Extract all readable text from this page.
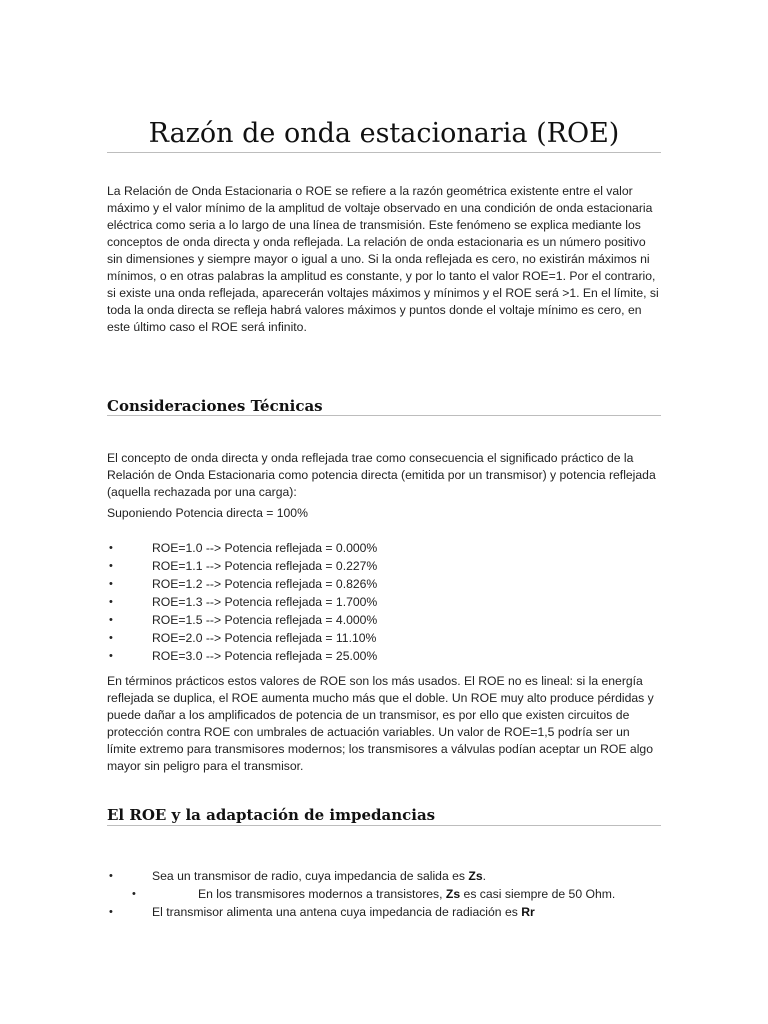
Razón de onda estacionaria (ROE)

La Relación de Onda Estacionaria o ROE se refiere a la razón geométrica existente entre el valor máximo y el valor mínimo de la amplitud de voltaje observado en una condición de onda estacionaria eléctrica como seria a lo largo de una línea de transmisión. Este fenómeno se explica mediante los conceptos de onda directa y onda reflejada. La relación de onda estacionaria es un número positivo sin dimensiones y siempre mayor o igual a uno. Si la onda reflejada es cero, no existirán máximos ni mínimos, o en otras palabras la amplitud es constante, y por lo tanto el valor ROE=1. Por el contrario, si existe una onda reflejada, aparecerán voltajes máximos y mínimos y el ROE será >1. En el límite, si toda la onda directa se refleja habrá valores máximos y puntos donde el voltaje mínimo es cero, en este último caso el ROE será infinito.

Consideraciones Técnicas

El concepto de onda directa y onda reflejada trae como consecuencia el significado práctico de la Relación de Onda Estacionaria como potencia directa (emitida por un transmisor) y potencia reflejada (aquella rechazada por una carga):

Suponiendo Potencia directa = 100%

•	ROE=1.0 --> Potencia reflejada = 0.000%
•	ROE=1.1 --> Potencia reflejada = 0.227%
•	ROE=1.2 --> Potencia reflejada = 0.826%
•	ROE=1.3 --> Potencia reflejada = 1.700%
•	ROE=1.5 --> Potencia reflejada = 4.000%
•	ROE=2.0 --> Potencia reflejada = 11.10%
•	ROE=3.0 --> Potencia reflejada = 25.00%

En términos prácticos estos valores de ROE son los más usados. El ROE no es lineal: si la energía reflejada se duplica, el ROE aumenta mucho más que el doble. Un ROE muy alto produce pérdidas y puede dañar a los amplificados de potencia de un transmisor, es por ello que existen circuitos de protección contra ROE con umbrales de actuación variables. Un valor de ROE=1,5 podría ser un límite extremo para transmisores modernos; los transmisores a válvulas podían aceptar un ROE algo mayor sin peligro para el transmisor.

El ROE y la adaptación de impedancias
•	Sea un transmisor de radio, cuya impedancia de salida es Zs.
•	En los transmisores modernos a transistores, Zs es casi siempre de 50 Ohm.
•	El transmisor alimenta una antena cuya impedancia de radiación es Rr
